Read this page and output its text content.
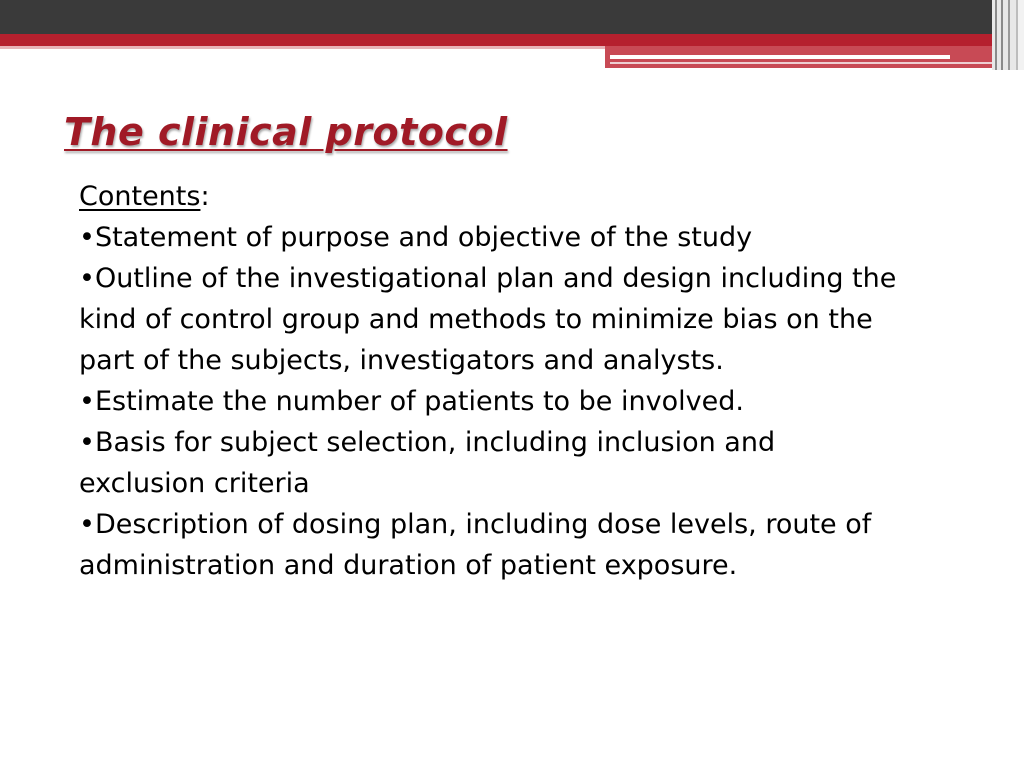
The clinical protocol

Contents:

•Statement of purpose and objective of the study
•Outline of the investigational plan and design including the kind of control group and methods to minimize bias on the part of the subjects, investigators and analysts.
•Estimate the number of patients to be involved.
•Basis for subject selection, including inclusion and exclusion criteria
•Description of dosing plan, including dose levels, route of administration and duration of patient exposure.
